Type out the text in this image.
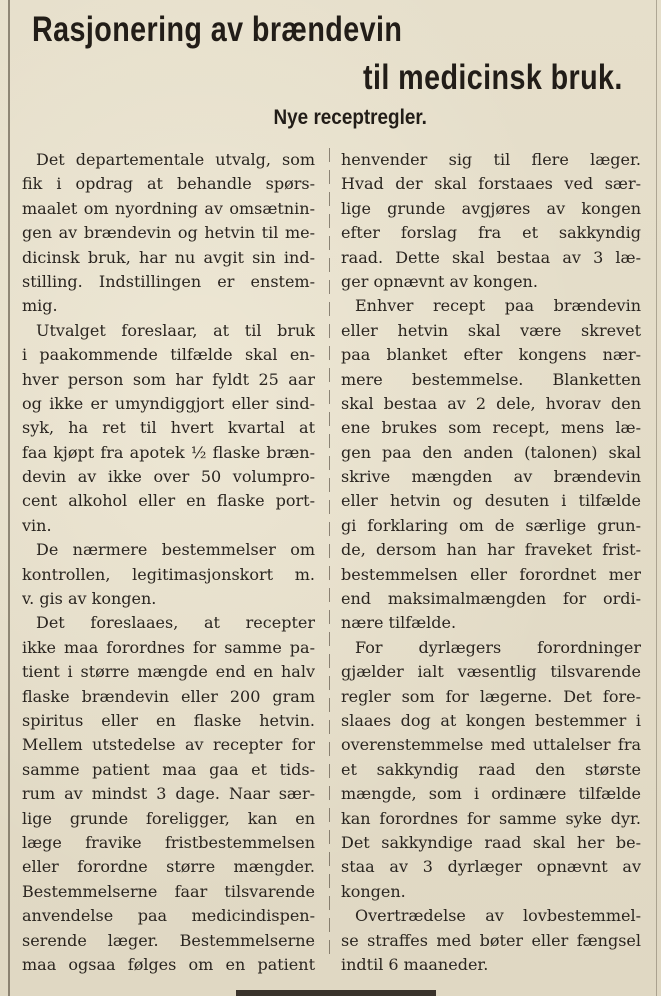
Rasjonering av brændevin
til medicinsk bruk.
Nye receptregler.
Det departementale utvalg, som
fik i opdrag at behandle spørs-
maalet om nyordning av omsætnin-
gen av brændevin og hetvin til me-
dicinsk bruk, har nu avgit sin ind-
stilling. Indstillingen er enstem-
mig.
Utvalget foreslaar, at til bruk
i paakommende tilfælde skal en-
hver person som har fyldt 25 aar
og ikke er umyndiggjort eller sind-
syk, ha ret til hvert kvartal at
faa kjøpt fra apotek ½ flaske bræn-
devin av ikke over 50 volumpro-
cent alkohol eller en flaske port-
vin.
De nærmere bestemmelser om
kontrollen, legitimasjonskort m.
v. gis av kongen.
Det foreslaaes, at recepter
ikke maa forordnes for samme pa-
tient i større mængde end en halv
flaske brændevin eller 200 gram
spiritus eller en flaske hetvin.
Mellem utstedelse av recepter for
samme patient maa gaa et tids-
rum av mindst 3 dage. Naar sær-
lige grunde foreligger, kan en
læge fravike fristbestemmelsen
eller forordne større mængder.
Bestemmelserne faar tilsvarende
anvendelse paa medicindispen-
serende læger. Bestemmelserne
maa ogsaa følges om en patient
henvender sig til flere læger.
Hvad der skal forstaaes ved sær-
lige grunde avgjøres av kongen
efter forslag fra et sakkyndig
raad. Dette skal bestaa av 3 læ-
ger opnævnt av kongen.
Enhver recept paa brændevin
eller hetvin skal være skrevet
paa blanket efter kongens nær-
mere bestemmelse. Blanketten
skal bestaa av 2 dele, hvorav den
ene brukes som recept, mens læ-
gen paa den anden (talonen) skal
skrive mængden av brændevin
eller hetvin og desuten i tilfælde
gi forklaring om de særlige grun-
de, dersom han har fraveket frist-
bestemmelsen eller forordnet mer
end maksimalmængden for ordi-
nære tilfælde.
For dyrlægers forordninger
gjælder ialt væsentlig tilsvarende
regler som for lægerne. Det fore-
slaaes dog at kongen bestemmer i
overenstemmelse med uttalelser fra
et sakkyndig raad den største
mængde, som i ordinære tilfælde
kan forordnes for samme syke dyr.
Det sakkyndige raad skal her be-
staa av 3 dyrlæger opnævnt av
kongen.
Overtrædelse av lovbestemmel-
se straffes med bøter eller fængsel
indtil 6 maaneder.
